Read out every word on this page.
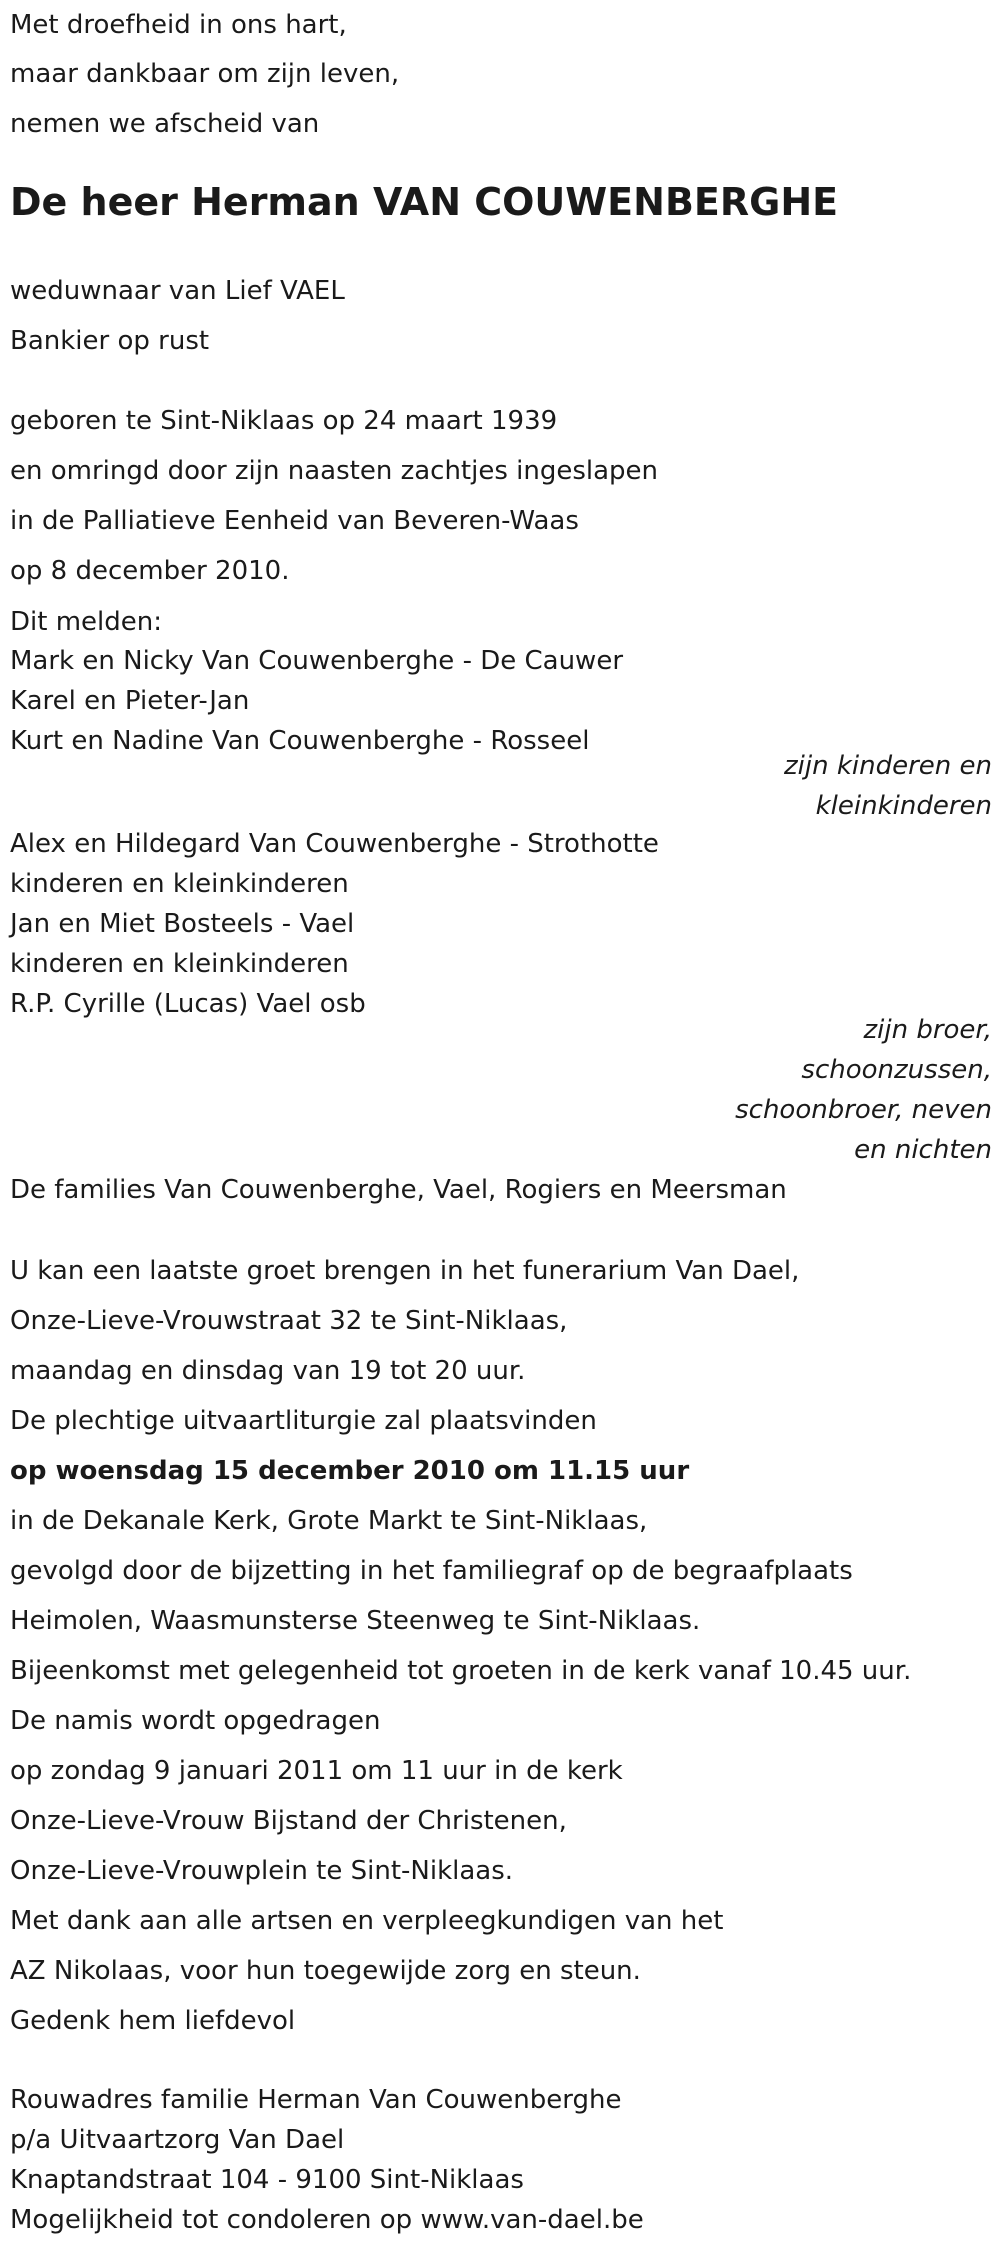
Met droefheid in ons hart,
maar dankbaar om zijn leven,
nemen we afscheid van
De heer Herman VAN COUWENBERGHE
weduwnaar van Lief VAEL
Bankier op rust
geboren te Sint-Niklaas op 24 maart 1939
en omringd door zijn naasten zachtjes ingeslapen
in de Palliatieve Eenheid van Beveren-Waas
op 8 december 2010.
Dit melden:
Mark en Nicky Van Couwenberghe - De Cauwer
Karel en Pieter-Jan
Kurt en Nadine Van Couwenberghe - Rosseel
zijn kinderen en
kleinkinderen
Alex en Hildegard Van Couwenberghe - Strothotte
kinderen en kleinkinderen
Jan en Miet Bosteels - Vael
kinderen en kleinkinderen
R.P. Cyrille (Lucas) Vael osb
zijn broer,
schoonzussen,
schoonbroer, neven
en nichten
De families Van Couwenberghe, Vael, Rogiers en Meersman
U kan een laatste groet brengen in het funerarium Van Dael,
Onze-Lieve-Vrouwstraat 32 te Sint-Niklaas,
maandag en dinsdag van 19 tot 20 uur.
De plechtige uitvaartliturgie zal plaatsvinden
op woensdag 15 december 2010 om 11.15 uur
in de Dekanale Kerk, Grote Markt te Sint-Niklaas,
gevolgd door de bijzetting in het familiegraf op de begraafplaats
Heimolen, Waasmunsterse Steenweg te Sint-Niklaas.
Bijeenkomst met gelegenheid tot groeten in de kerk vanaf 10.45 uur.
De namis wordt opgedragen
op zondag 9 januari 2011 om 11 uur in de kerk
Onze-Lieve-Vrouw Bijstand der Christenen,
Onze-Lieve-Vrouwplein te Sint-Niklaas.
Met dank aan alle artsen en verpleegkundigen van het
AZ Nikolaas, voor hun toegewijde zorg en steun.
Gedenk hem liefdevol
Rouwadres familie Herman Van Couwenberghe
p/a Uitvaartzorg Van Dael
Knaptandstraat 104 - 9100 Sint-Niklaas
Mogelijkheid tot condoleren op www.van-dael.be
